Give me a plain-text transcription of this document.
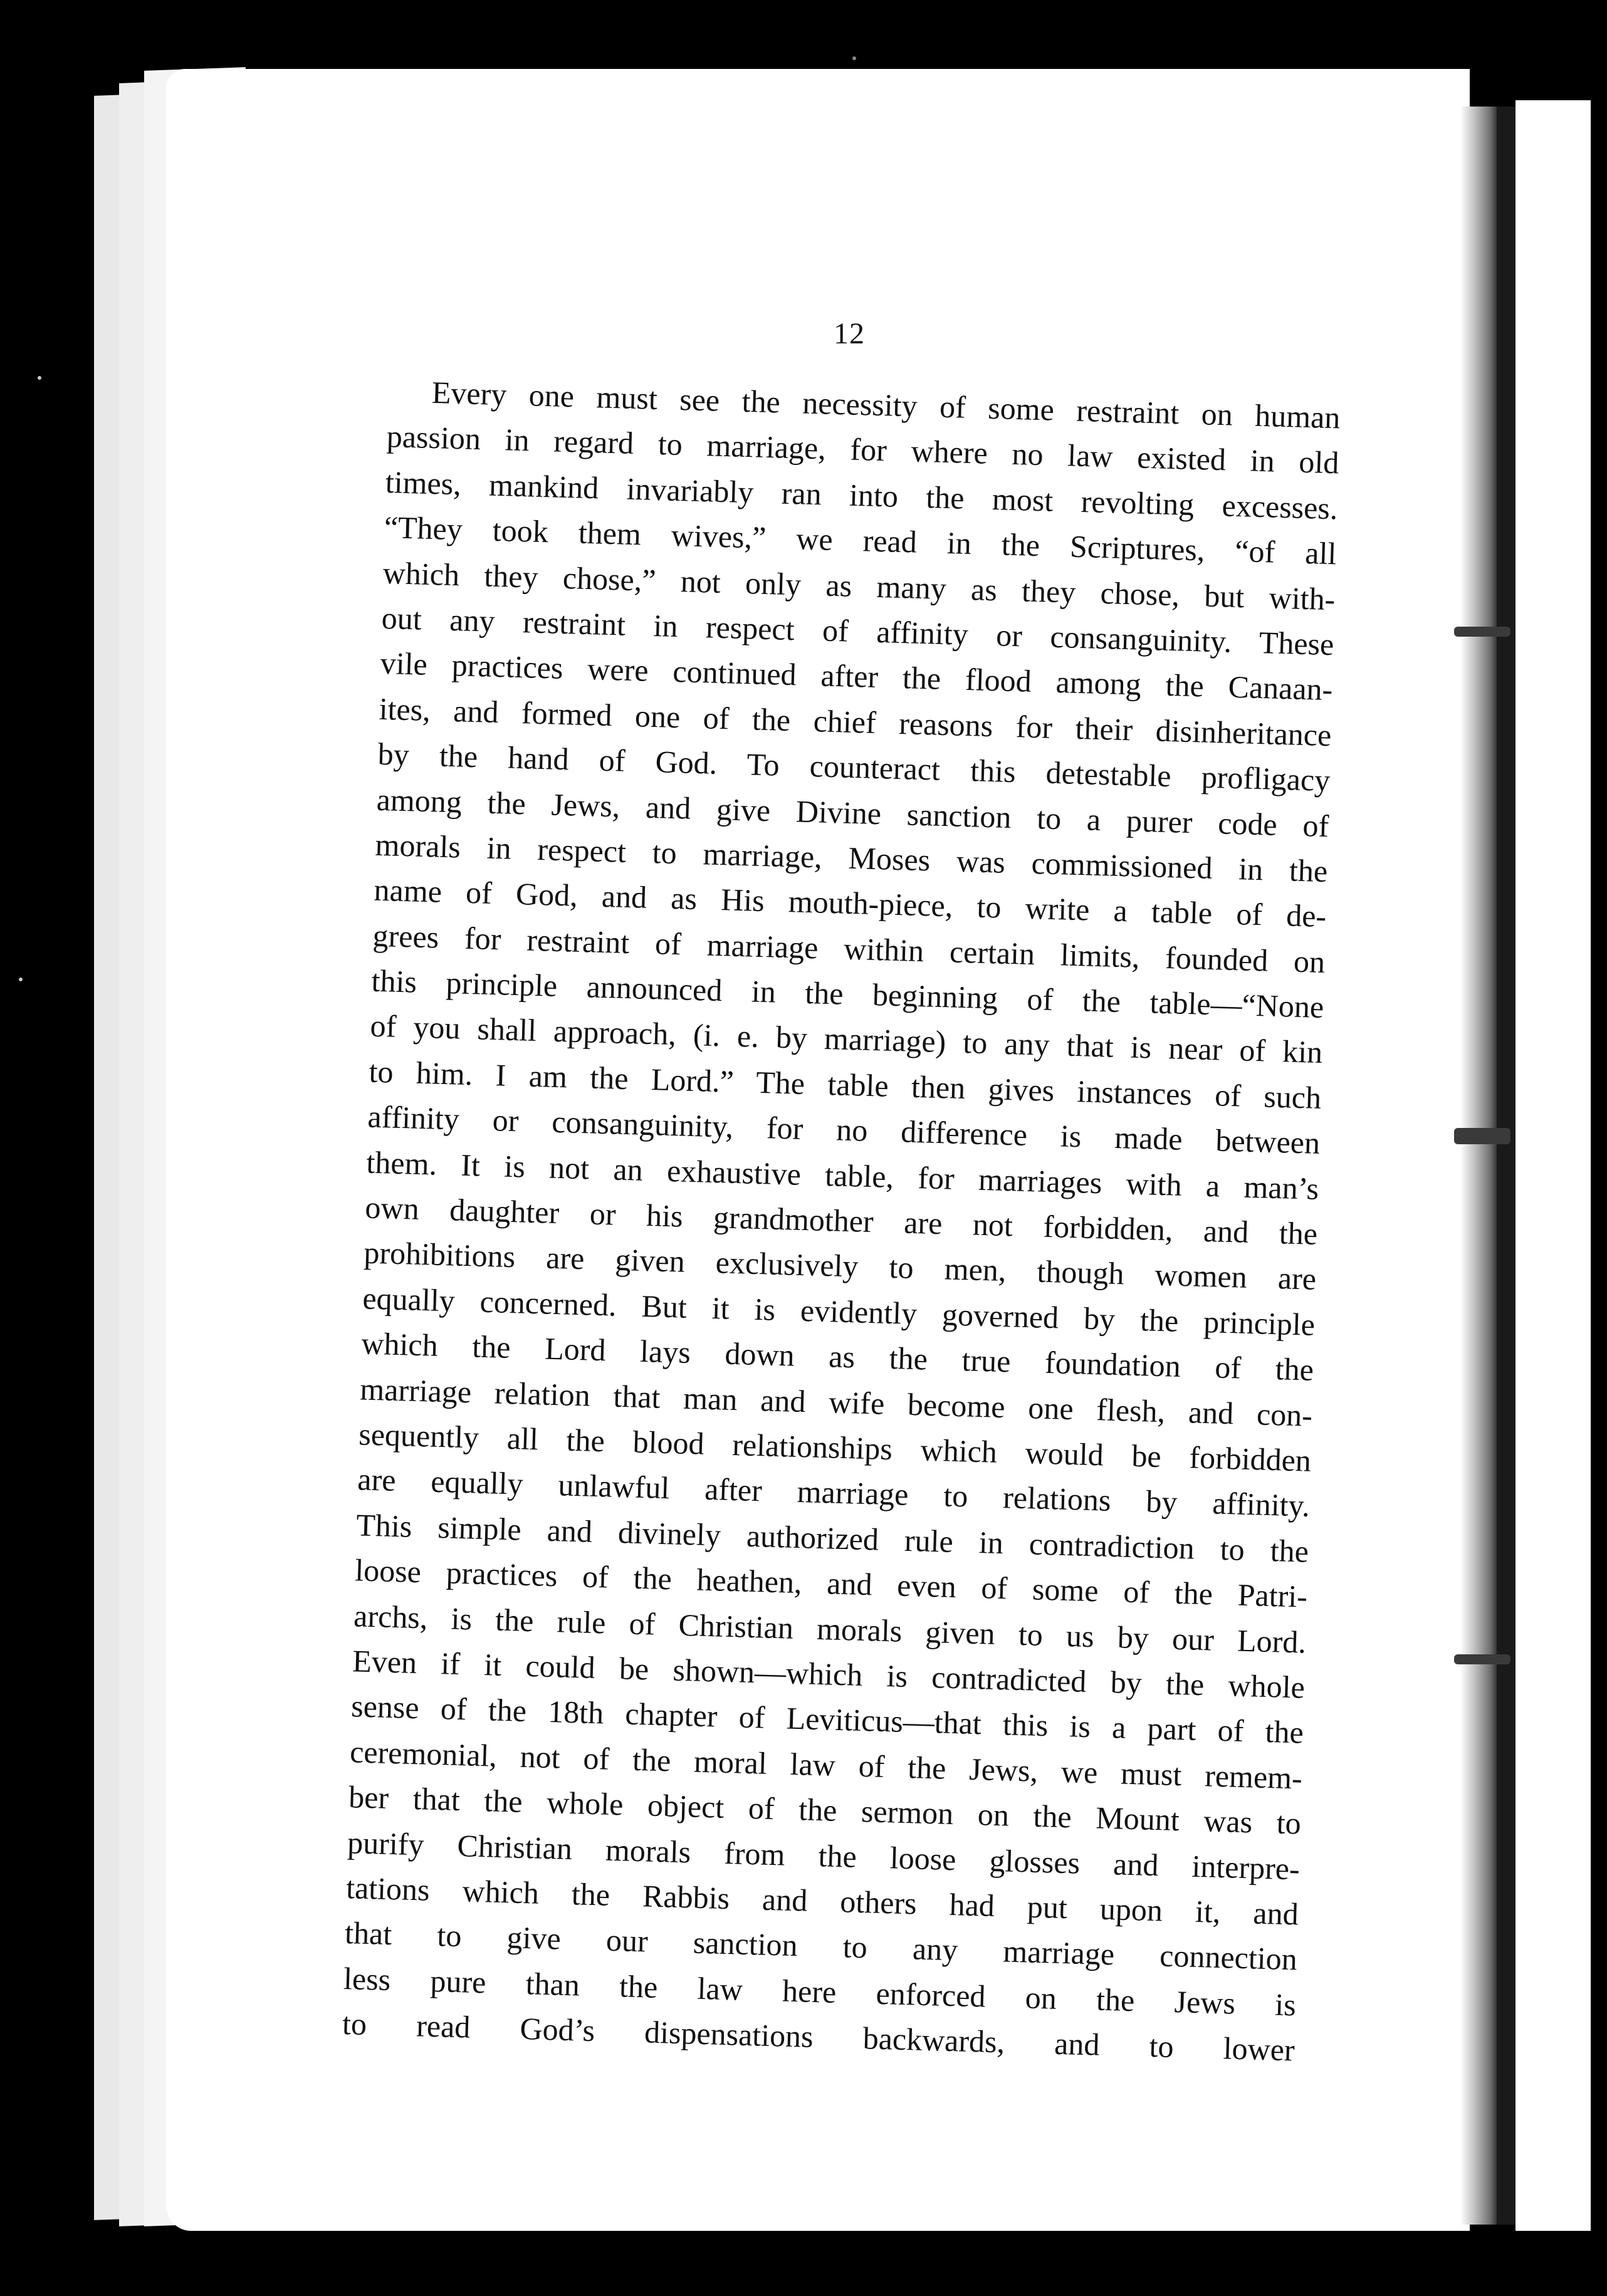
12
Every one must see the necessity of some restraint on human
passion in regard to marriage, for where no law existed in old
times, mankind invariably ran into the most revolting excesses.
“They took them wives,” we read in the Scriptures, “of all
which they chose,” not only as many as they chose, but with-
out any restraint in respect of affinity or consanguinity. These
vile practices were continued after the flood among the Canaan-
ites, and formed one of the chief reasons for their disinheritance
by the hand of God. To counteract this detestable profligacy
among the Jews, and give Divine sanction to a purer code of
morals in respect to marriage, Moses was commissioned in the
name of God, and as His mouth-piece, to write a table of de-
grees for restraint of marriage within certain limits, founded on
this principle announced in the beginning of the table—“None
of you shall approach, (i. e. by marriage) to any that is near of kin
to him. I am the Lord.” The table then gives instances of such
affinity or consanguinity, for no difference is made between
them. It is not an exhaustive table, for marriages with a man’s
own daughter or his grandmother are not forbidden, and the
prohibitions are given exclusively to men, though women are
equally concerned. But it is evidently governed by the principle
which the Lord lays down as the true foundation of the
marriage relation that man and wife become one flesh, and con-
sequently all the blood relationships which would be forbidden
are equally unlawful after marriage to relations by affinity.
This simple and divinely authorized rule in contradiction to the
loose practices of the heathen, and even of some of the Patri-
archs, is the rule of Christian morals given to us by our Lord.
Even if it could be shown—which is contradicted by the whole
sense of the 18th chapter of Leviticus—that this is a part of the
ceremonial, not of the moral law of the Jews, we must remem-
ber that the whole object of the sermon on the Mount was to
purify Christian morals from the loose glosses and interpre-
tations which the Rabbis and others had put upon it, and
that to give our sanction to any marriage connection
less pure than the law here enforced on the Jews is
to read God’s dispensations backwards, and to lower
